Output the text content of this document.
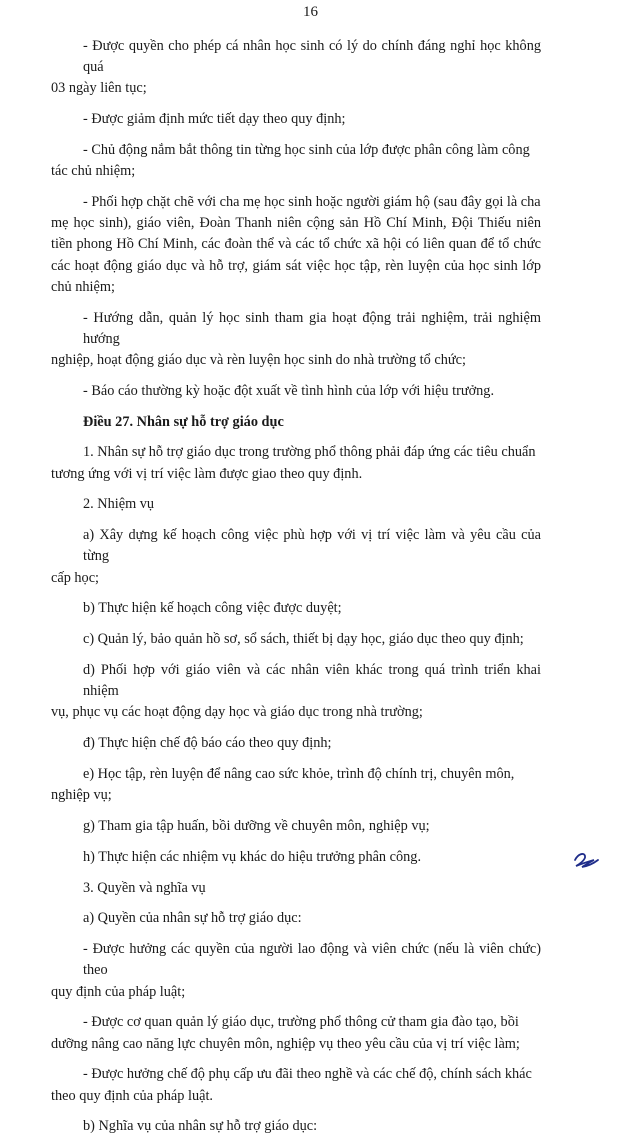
16
- Được quyền cho phép cá nhân học sinh có lý do chính đáng nghỉ học không quá
03 ngày liên tục;
- Được giảm định mức tiết dạy theo quy định;
- Chủ động nắm bắt thông tin từng học sinh của lớp được phân công làm công
tác chủ nhiệm;
- Phối hợp chặt chẽ với cha mẹ học sinh hoặc người giám hộ (sau đây gọi là cha
mẹ học sinh), giáo viên, Đoàn Thanh niên cộng sản Hồ Chí Minh, Đội Thiếu niên tiền phong Hồ Chí Minh, các đoàn thể và các tổ chức xã hội có liên quan để tổ chức các hoạt động giáo dục và hỗ trợ, giám sát việc học tập, rèn luyện của học sinh lớp chủ nhiệm;
- Hướng dẫn, quản lý học sinh tham gia hoạt động trải nghiệm, trải nghiệm hướng
nghiệp, hoạt động giáo dục và rèn luyện học sinh do nhà trường tổ chức;
- Báo cáo thường kỳ hoặc đột xuất về tình hình của lớp với hiệu trưởng.
Điều 27. Nhân sự hỗ trợ giáo dục
1. Nhân sự hỗ trợ giáo dục trong trường phổ thông phải đáp ứng các tiêu chuẩn
tương ứng với vị trí việc làm được giao theo quy định.
2. Nhiệm vụ
a) Xây dựng kế hoạch công việc phù hợp với vị trí việc làm và yêu cầu của từng
cấp học;
b) Thực hiện kế hoạch công việc được duyệt;
c) Quản lý, bảo quản hồ sơ, sổ sách, thiết bị dạy học, giáo dục theo quy định;
d) Phối hợp với giáo viên và các nhân viên khác trong quá trình triển khai nhiệm
vụ, phục vụ các hoạt động dạy học và giáo dục trong nhà trường;
đ) Thực hiện chế độ báo cáo theo quy định;
e) Học tập, rèn luyện để nâng cao sức khỏe, trình độ chính trị, chuyên môn,
nghiệp vụ;
g) Tham gia tập huấn, bồi dưỡng về chuyên môn, nghiệp vụ;
h) Thực hiện các nhiệm vụ khác do hiệu trưởng phân công.
3. Quyền và nghĩa vụ
a) Quyền của nhân sự hỗ trợ giáo dục:
- Được hưởng các quyền của người lao động và viên chức (nếu là viên chức) theo
quy định của pháp luật;
- Được cơ quan quản lý giáo dục, trường phổ thông cử tham gia đào tạo, bồi
dưỡng nâng cao năng lực chuyên môn, nghiệp vụ theo yêu cầu của vị trí việc làm;
- Được hưởng chế độ phụ cấp ưu đãi theo nghề và các chế độ, chính sách khác
theo quy định của pháp luật.
b) Nghĩa vụ của nhân sự hỗ trợ giáo dục:
